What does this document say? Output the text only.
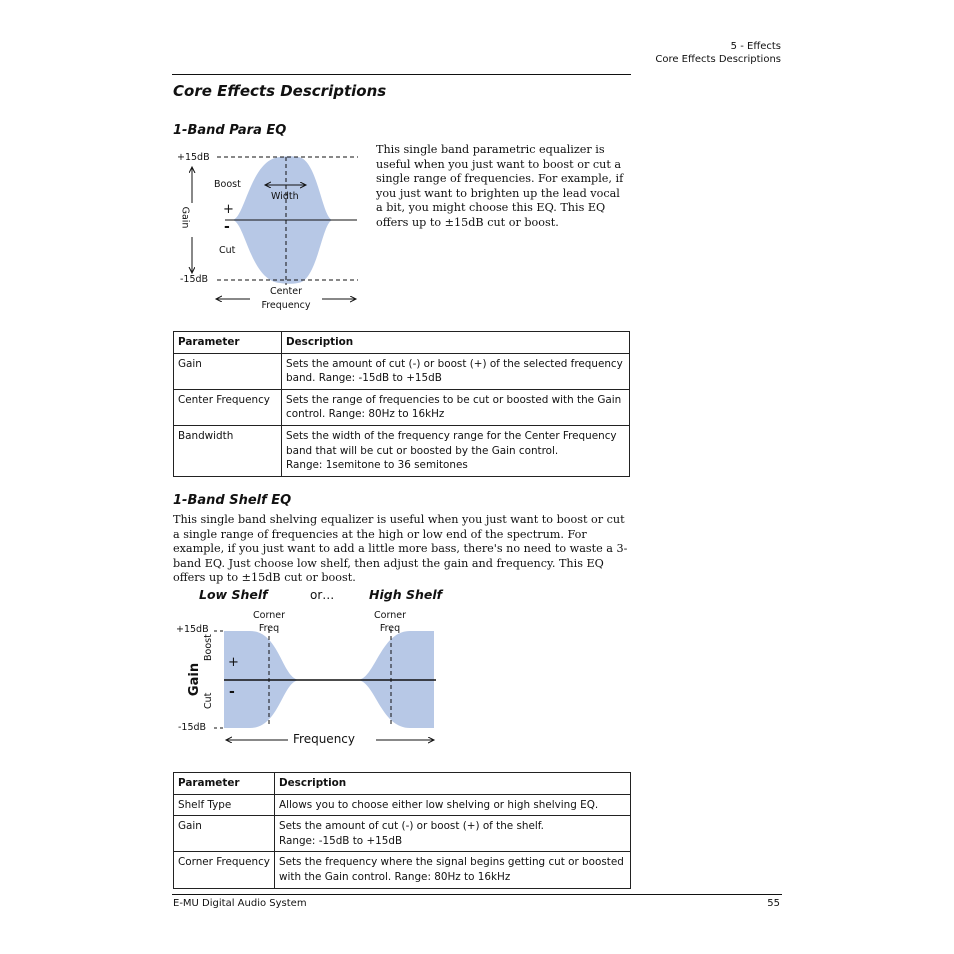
5 - Effects
Core Effects Descriptions
Core Effects Descriptions
1-Band Para EQ
+15dB
-15dB
Gain
Boost
Cut
+
-
Width
Center
Frequency
This single band parametric equalizer is useful when you just want to boost or cut a single range of frequencies. For example, if you just want to brighten up the lead vocal a bit, you might choose this EQ. This EQ offers up to ±15dB cut or boost.
Parameter	Description
Gain	Sets the amount of cut (-) or boost (+) of the selected frequency band. Range: -15dB to +15dB
Center Frequency	Sets the range of frequencies to be cut or boosted with the Gain control. Range: 80Hz to 16kHz
Bandwidth	Sets the width of the frequency range for the Center Frequency band that will be cut or boosted by the Gain control.
Range: 1semitone to 36 semitones
1-Band Shelf EQ
This single band shelving equalizer is useful when you just want to boost or cut a single range of frequencies at the high or low end of the spectrum. For example, if you just want to add a little more bass, there's no need to waste a 3-band EQ. Just choose low shelf, then adjust the gain and frequency. This EQ offers up to ±15dB cut or boost.
Low Shelf	or…	High Shelf
Corner
Freq
Corner
Freq
+15dB
-15dB
Gain
Boost
Cut
+
-
Frequency
Parameter	Description
Shelf Type	Allows you to choose either low shelving or high shelving EQ.
Gain	Sets the amount of cut (-) or boost (+) of the shelf.
Range: -15dB to +15dB

Corner Frequency	Sets the frequency where the signal begins getting cut or boosted with the Gain control. Range: 80Hz to 16kHz
E-MU Digital Audio System	55
